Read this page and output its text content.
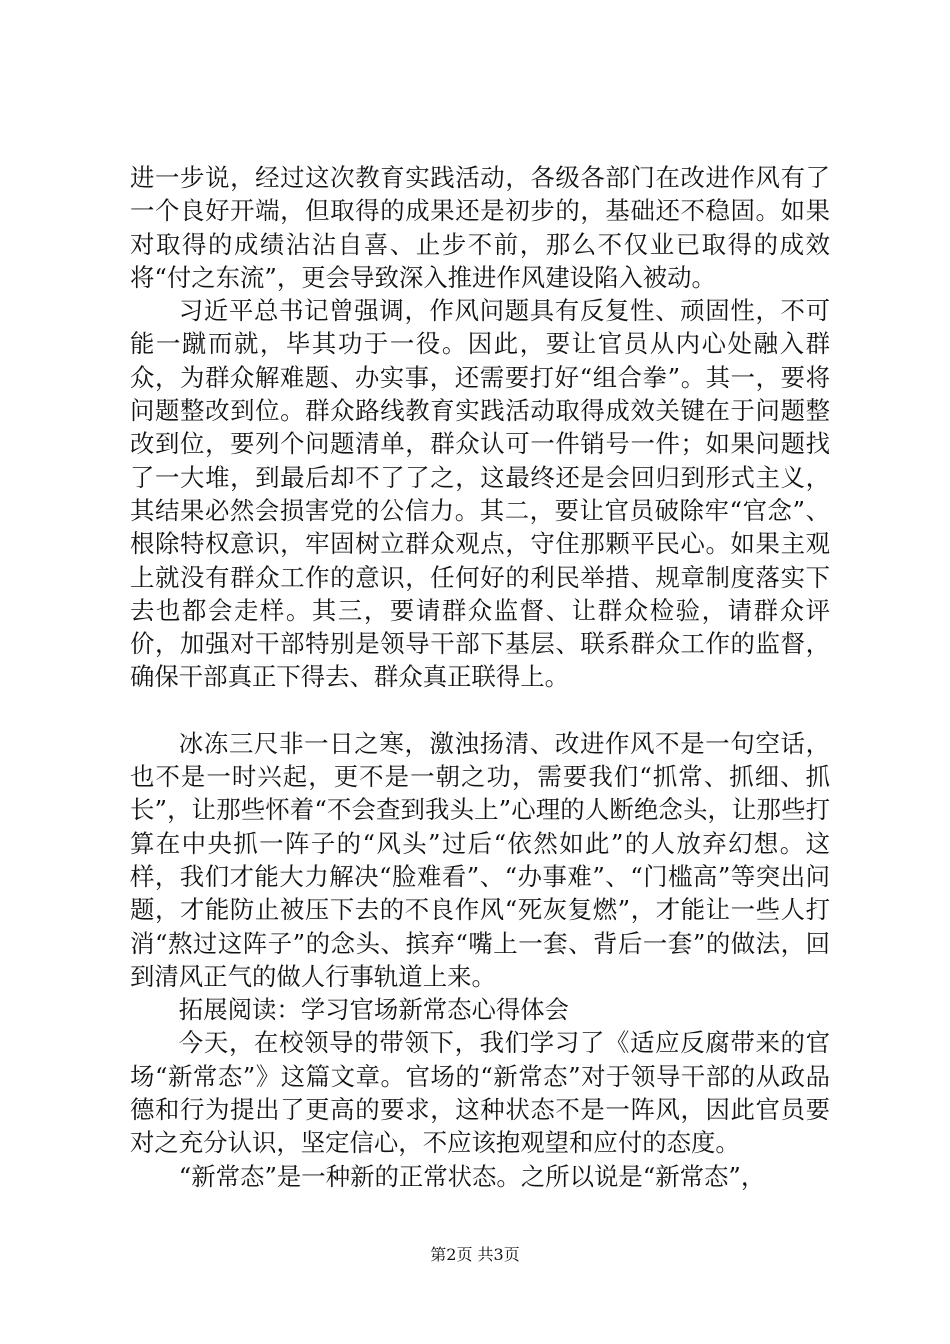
进一步说，经过这次教育实践活动，各级各部门在改进作风有了一个良好开端，但取得的成果还是初步的，基础还不稳固。如果对取得的成绩沾沾自喜、止步不前，那么不仅业已取得的成效将“付之东流”，更会导致深入推进作风建设陷入被动。

习近平总书记曾强调，作风问题具有反复性、顽固性，不可能一蹴而就，毕其功于一役。因此，要让官员从内心处融入群众，为群众解难题、办实事，还需要打好“组合拳”。其一，要将问题整改到位。群众路线教育实践活动取得成效关键在于问题整改到位，要列个问题清单，群众认可一件销号一件；如果问题找了一大堆，到最后却不了了之，这最终还是会回归到形式主义，其结果必然会损害党的公信力。其二，要让官员破除牢“官念”、根除特权意识，牢固树立群众观点，守住那颗平民心。如果主观上就没有群众工作的意识，任何好的利民举措、规章制度落实下去也都会走样。其三，要请群众监督、让群众检验，请群众评价，加强对干部特别是领导干部下基层、联系群众工作的监督，确保干部真正下得去、群众真正联得上。

冰冻三尺非一日之寒，激浊扬清、改进作风不是一句空话，也不是一时兴起，更不是一朝之功，需要我们“抓常、抓细、抓长”，让那些怀着“不会查到我头上”心理的人断绝念头，让那些打算在中央抓一阵子的“风头”过后“依然如此”的人放弃幻想。这样，我们才能大力解决“脸难看”、“办事难”、“门槛高”等突出问题，才能防止被压下去的不良作风“死灰复燃”，才能让一些人打消“熬过这阵子”的念头、摈弃“嘴上一套、背后一套”的做法，回到清风正气的做人行事轨道上来。

拓展阅读：学习官场新常态心得体会

今天，在校领导的带领下，我们学习了《适应反腐带来的官场“新常态”》这篇文章。官场的“新常态”对于领导干部的从政品德和行为提出了更高的要求，这种状态不是一阵风，因此官员要对之充分认识，坚定信心，不应该抱观望和应付的态度。

“新常态”是一种新的正常状态。之所以说是“新常态”，

第2页 共3页
